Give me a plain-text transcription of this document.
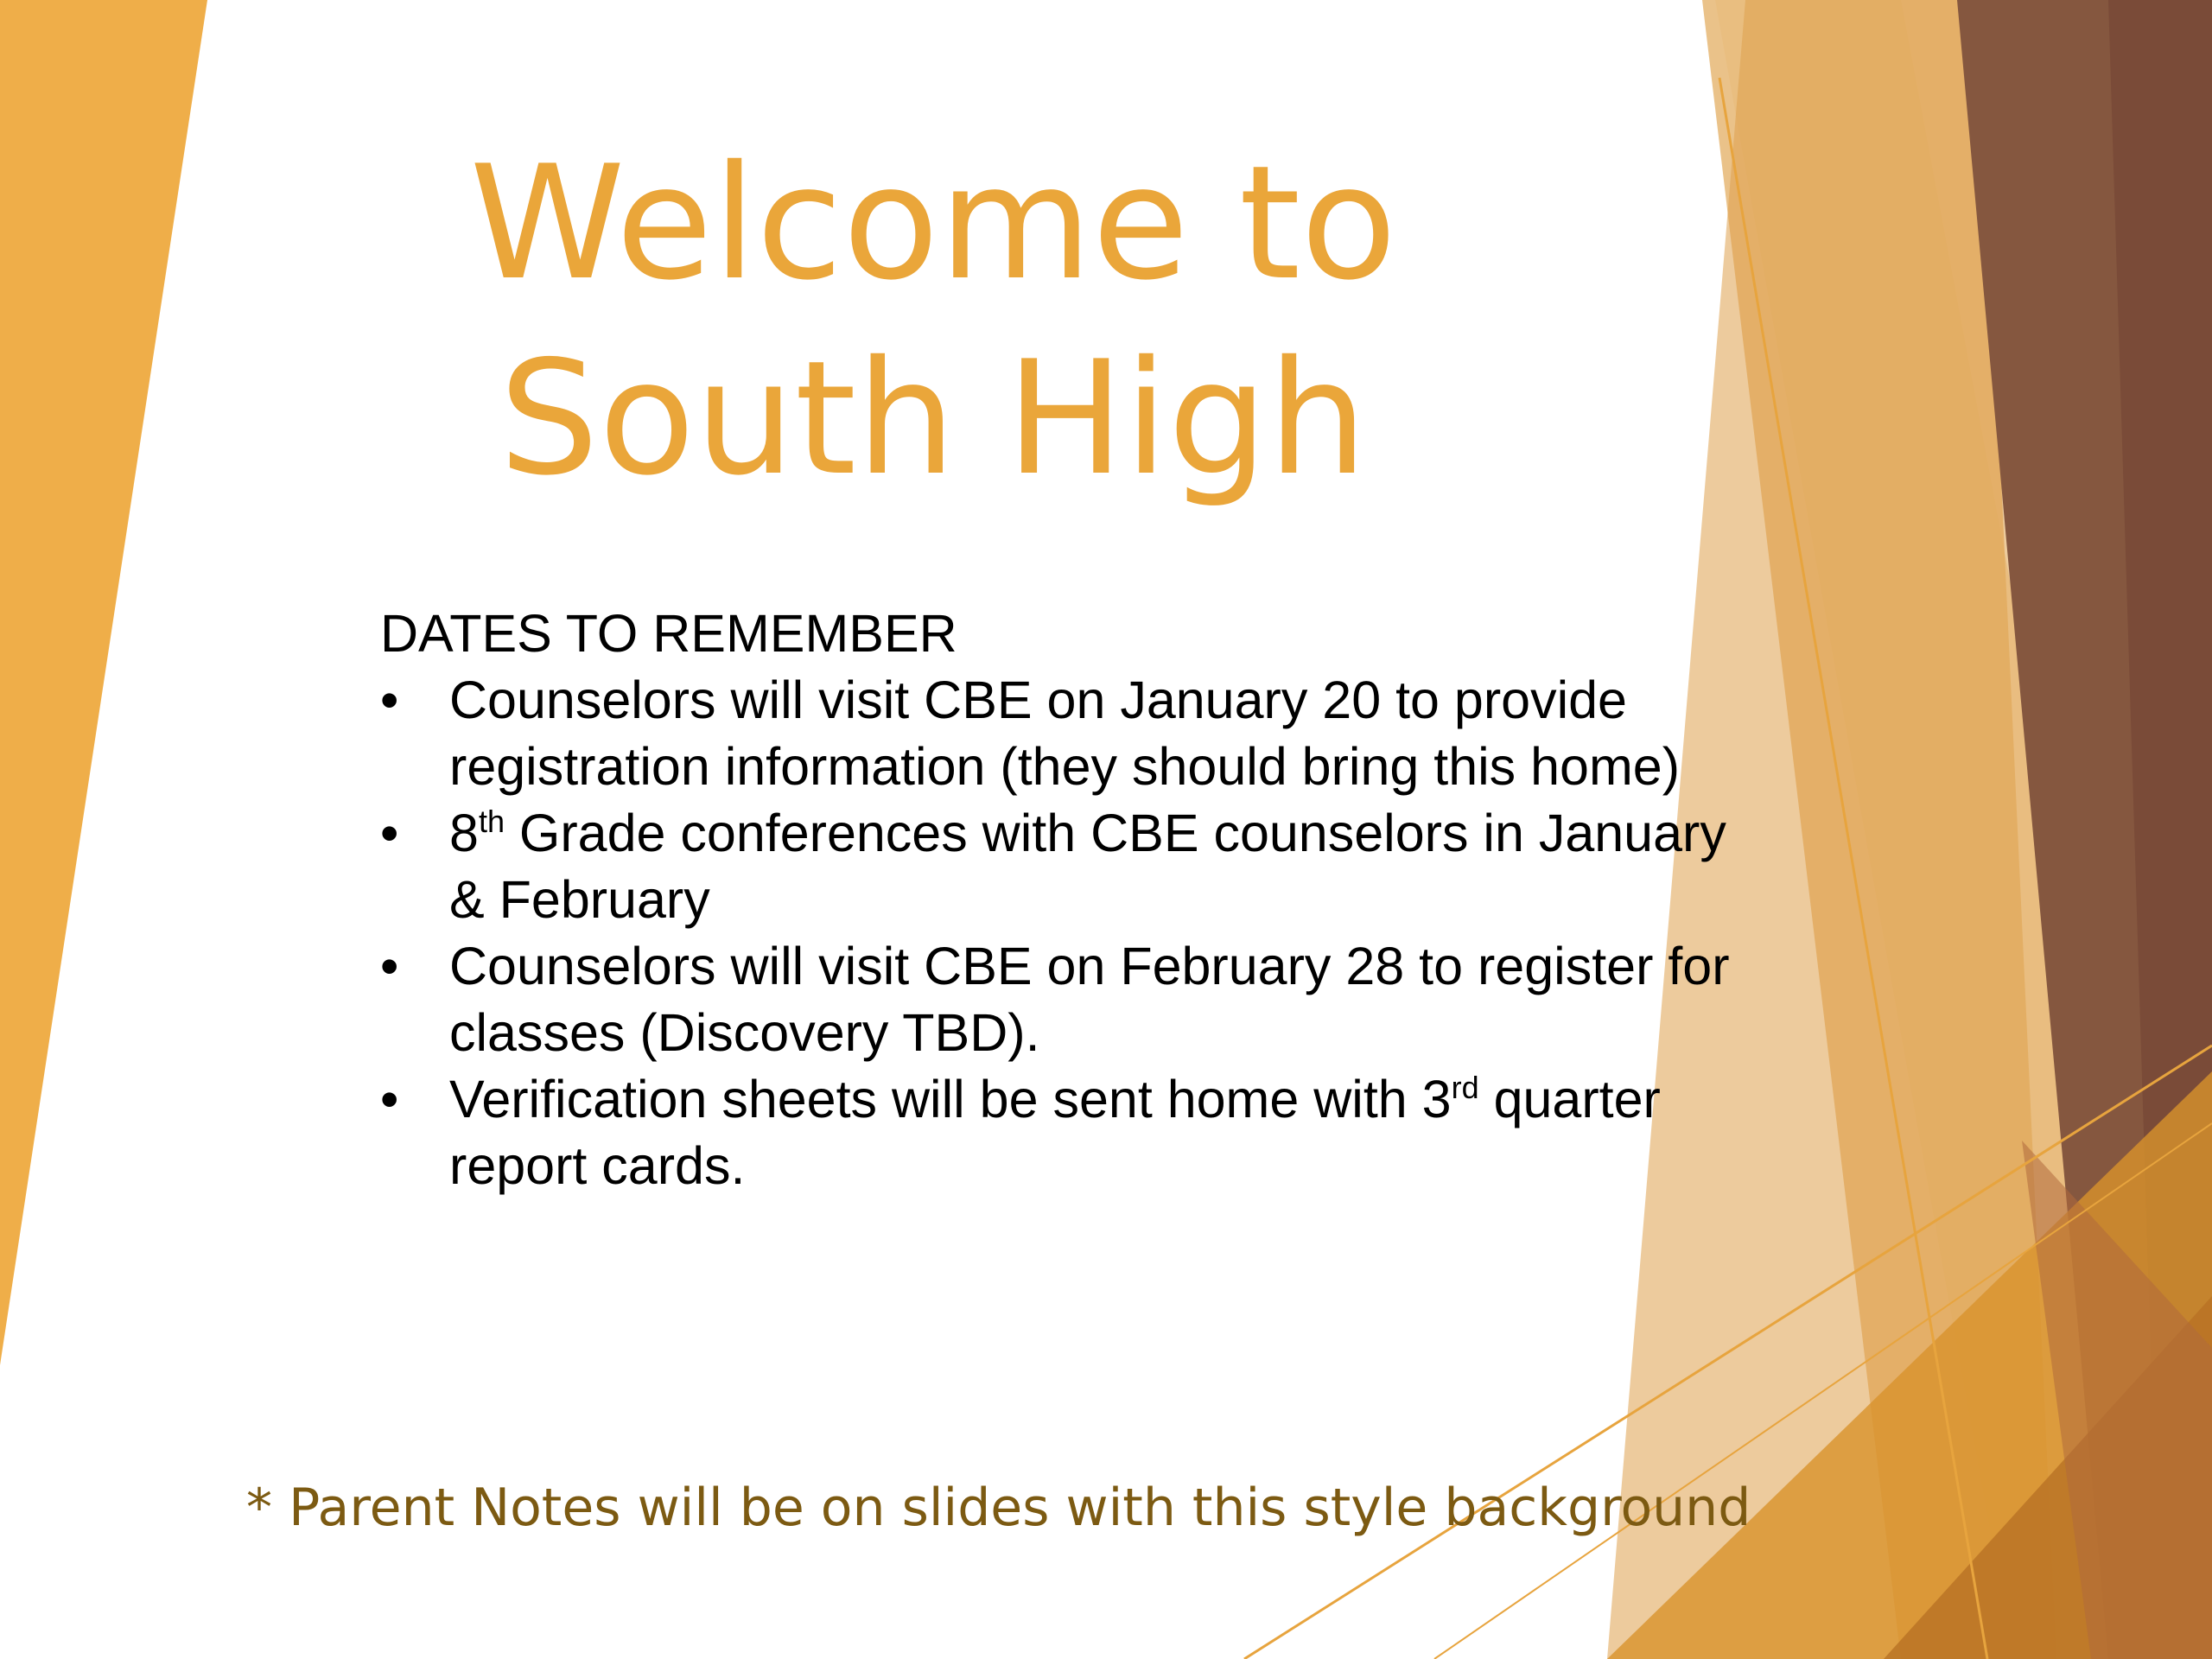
Welcome to
South High

DATES TO REMEMBER

• Counselors will visit CBE on January 20 to provide registration information (they should bring this home)
• 8th Grade conferences with CBE counselors in January & February
• Counselors will visit CBE on February 28 to register for classes (Discovery TBD).
• Verification sheets will be sent home with 3rd quarter report cards.
* Parent Notes will be on slides with this style background
